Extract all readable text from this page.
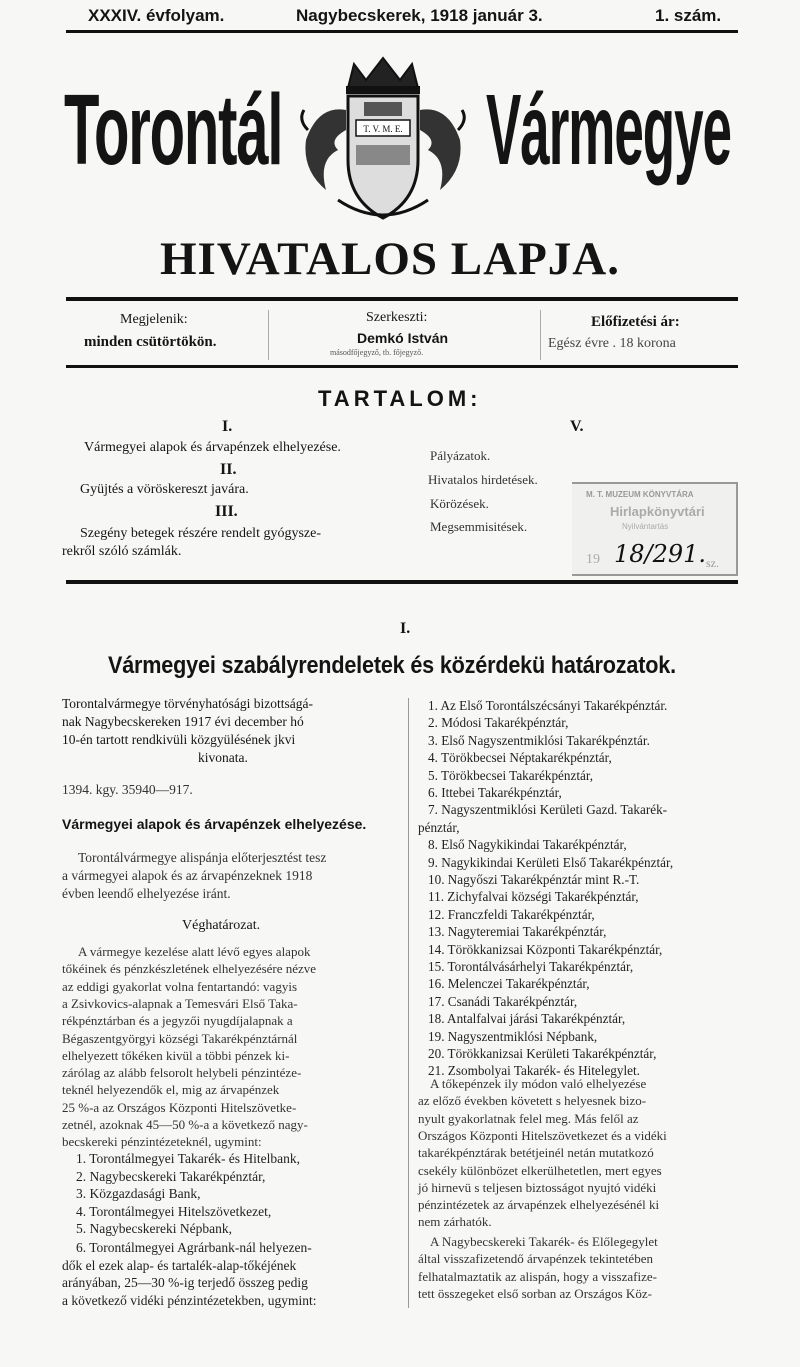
XXXIV. évfolyam.	Nagybecskerek, 1918 január 3.	1. szám.
Torontál Vármegye
T. V. M. E.
HIVATALOS LAPJA.
Megjelenik:
minden csütörtökön.
Szerkeszti:
Demkó István
másodfőjegyző, tb. főjegyző.
Előfizetési ár:
Egész évre . 18 korona
TARTALOM:
I.
Vármegyei alapok és árvapénzek elhelyezése.
II.
Gyüjtés a vöröskereszt javára.
III.
Szegény betegek részére rendelt gyógysze-
rekről szóló számlák.
V.
Pályázatok.
Hivatalos hirdetések.
Körözések.
Megsemmisitések.
M. T. MUZEUM KÖNYVTÁRA
Hirlapkönyvtári
Nyilvántartás
19 18/291. sz.
I.
Vármegyei szabályrendeletek és közérdekü határozatok.
Torontalvármegye törvényhatósági bizottságá-
nak Nagybecskereken 1917 évi december hó
10-én tartott rendkivüli közgyülésének jkvi
kivonata.
1394. kgy. 35940—917.
Vármegyei alapok és árvapénzek elhelyezése.
Torontálvármegye alispánja előterjesztést tesz
a vármegyei alapok és az árvapénzeknek 1918
évben leendő elhelyezése iránt.
Véghatározat.
A vármegye kezelése alatt lévő egyes alapok
tőkéinek és pénzkészletének elhelyezésére nézve
az eddigi gyakorlat volna fentartandó: vagyis
a Zsivkovics-alapnak a Temesvári Első Taka-
rékpénztárban és a jegyzői nyugdíjalapnak a
Bégaszentgyörgyi községi Takarékpénztárnál
elhelyezett tőkéken kivül a többi pénzek ki-
zárólag az alább felsorolt helybeli pénzintéze-
teknél helyezendők el, mig az árvapénzek
25 %-a az Országos Központi Hitelszövetke-
zetnél, azoknak 45—50 %-a a következő nagy-
becskereki pénzintézeteknél, ugymint:
1. Torontálmegyei Takarék- és Hitelbank,
2. Nagybecskereki Takarékpénztár,
3. Közgazdasági Bank,
4. Torontálmegyei Hitelszövetkezet,
5. Nagybecskereki Népbank,
6. Torontálmegyei Agrárbank-nál helyezen-
dők el ezek alap- és tartalék-alap-tőkéjének
arányában, 25—30 %-ig terjedő összeg pedig
a következő vidéki pénzintézetekben, ugymint:
1. Az Első Torontálszécsányi Takarékpénztár.
2. Módosi Takarékpénztár,
3. Első Nagyszentmiklósi Takarékpénztár.
4. Törökbecsei Néptakarékpénztár,
5. Törökbecsei Takarékpénztár,
6. Ittebei Takarékpénztár,
7. Nagyszentmiklósi Kerületi Gazd. Takarék-
pénztár,
8. Első Nagykikindai Takarékpénztár,
9. Nagykikindai Kerületi Első Takarékpénztár,
10. Nagyőszi Takarékpénztár mint R.-T.
11. Zichyfalvai községi Takarékpénztár,
12. Franczfeldi Takarékpénztár,
13. Nagyteremiai Takarékpénztár,
14. Törökkanizsai Központi Takarékpénztár,
15. Torontálvásárhelyi Takarékpénztár,
16. Melenczei Takarékpénztár,
17. Csanádi Takarékpénztár,
18. Antalfalvai járási Takarékpénztár,
19. Nagyszentmiklósi Népbank,
20. Törökkanizsai Kerületi Takarékpénztár,
21. Zsombolyai Takarék- és Hitelegylet.
A tőkepénzek ily módon való elhelyezése
az előző években követett s helyesnek bizo-
nyult gyakorlatnak felel meg. Más felől az
Országos Központi Hitelszövetkezet és a vidéki
takarékpénztárak betétjeinél netán mutatkozó
csekély különbözet elkerülhetetlen, mert egyes
jó hirnevü s teljesen biztosságot nyujtó vidéki
pénzintézetek az árvapénzek elhelyezésénél ki
nem zárhatók.
A Nagybecskereki Takarék- és Előlegegylet
által visszafizetendő árvapénzek tekintetében
felhatalmaztatik az alispán, hogy a visszafize-
tett összegeket első sorban az Országos Köz-
